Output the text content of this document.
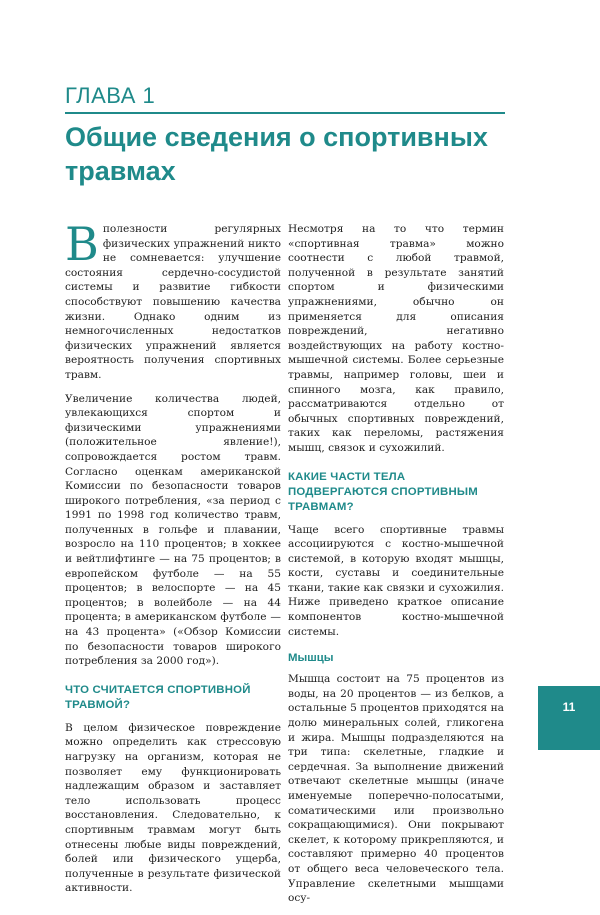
ГЛАВА 1
Общие сведения о спортивных травмах

Вполезности регулярных физических упражнений никто не сомневается: улучшение состояния сердечно-сосудистой системы и развитие гибкости способствуют повышению качества жизни. Однако одним из немногочисленных недостатков физических упражнений является вероятность получения спортивных травм.

Увеличение количества людей, увлекающихся спортом и физическими упражнениями (положительное явление!), сопровождается ростом травм. Согласно оценкам американской Комиссии по безопасности товаров широкого потребления, «за период с 1991 по 1998 год количество травм, полученных в гольфе и плавании, возросло на 110 процентов; в хоккее и вейтлифтинге — на 75 процентов; в европейском футболе — на 55 процентов; в велоспорте — на 45 процентов; в волейболе — на 44 процента; в американском футболе — на 43 процента» («Обзор Комиссии по безопасности товаров широкого потребления за 2000 год»).

ЧТО СЧИТАЕТСЯ СПОРТИВНОЙ ТРАВМОЙ?

В целом физическое повреждение можно определить как стрессовую нагрузку на организм, которая не позволяет ему функционировать надлежащим образом и заставляет тело использовать процесс восстановления. Следовательно, к спортивным травмам могут быть отнесены любые виды повреждений, болей или физического ущерба, полученные в результате физической активности.

Несмотря на то что термин «спортивная травма» можно соотнести с любой травмой, полученной в результате занятий спортом и физическими упражнениями, обычно он применяется для описания повреждений, негативно воздействующих на работу костно-мышечной системы. Более серьезные травмы, например головы, шеи и спинного мозга, как правило, рассматриваются отдельно от обычных спортивных повреждений, таких как переломы, растяжения мышц, связок и сухожилий.

КАКИЕ ЧАСТИ ТЕЛА ПОДВЕРГАЮТСЯ СПОРТИВНЫМ ТРАВМАМ?

Чаще всего спортивные травмы ассоциируются с костно-мышечной системой, в которую входят мышцы, кости, суставы и соединительные ткани, такие как связки и сухожилия. Ниже приведено краткое описание компонентов костно-мышечной системы.

Мышцы

Мышца состоит на 75 процентов из воды, на 20 процентов — из белков, а остальные 5 процентов приходятся на долю минеральных солей, гликогена и жира. Мышцы подразделяются на три типа: скелетные, гладкие и сердечная. За выполнение движений отвечают скелетные мышцы (иначе именуемые поперечно-полосатыми, соматическими или произвольно сокращающимися). Они покрывают скелет, к которому прикрепляются, и составляют примерно 40 процентов от общего веса человеческого тела. Управление скелетными мышцами осу-

11
